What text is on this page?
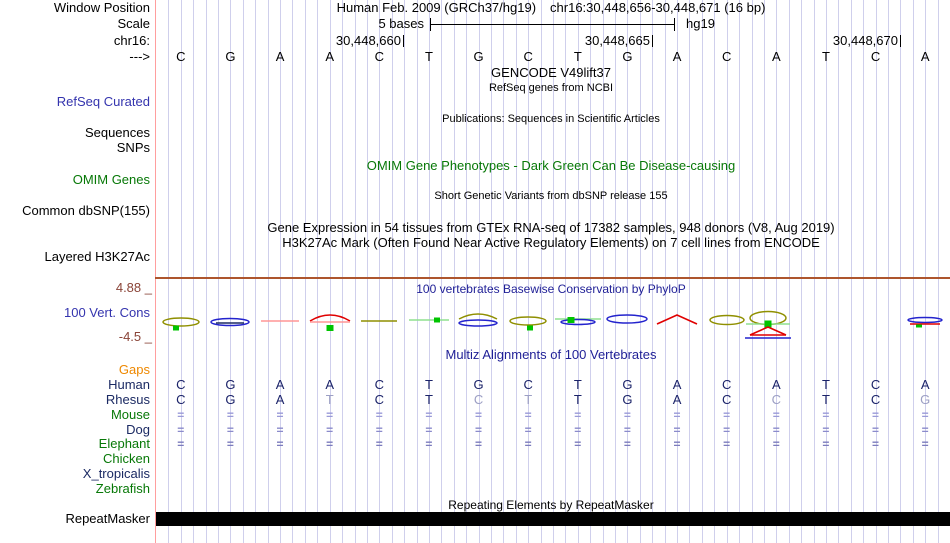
Window Position	Human Feb. 2009 (GRCh37/hg19) chr16:30,448,656-30,448,671 (16 bp)
Scale	5 bases	hg19
chr16:	30,448,660	30,448,665	30,448,670
---> C	G	A	A	C	T	G	C	T	G	A	C	A	T	C	A
GENCODE V49lift37
RefSeq genes from NCBI
RefSeq Curated
Publications: Sequences in Scientific Articles
Sequences
SNPs
OMIM Gene Phenotypes - Dark Green Can Be Disease-causing
OMIM Genes
Short Genetic Variants from dbSNP release 155
Common dbSNP(155)
Gene Expression in 54 tissues from GTEx RNA-seq of 17382 samples, 948 donors (V8, Aug 2019)
H3K27Ac Mark (Often Found Near Active Regulatory Elements) on 7 cell lines from ENCODE
Layered H3K27Ac
4.88 _	100 vertebrates Basewise Conservation by PhyloP
100 Vert. Cons
-4.5 _
Multiz Alignments of 100 Vertebrates
Gaps
Human C	G	A	A	C	T	G	C	T	G	A	C	A	T	C	A
Rhesus C	G	A	T	C	T	C	T	T	G	A	C	C	T	C	G
Mouse =	=	=	=	=	=	=	=	=	=	=	=	=	=	=	=
Dog =	=	=	=	=	=	=	=	=	=	=	=	=	=	=	=
Elephant =	=	=	=	=	=	=	=	=	=	=	=	=	=	=	=
Chicken
X_tropicalis
Zebrafish
Repeating Elements by RepeatMasker
RepeatMasker
